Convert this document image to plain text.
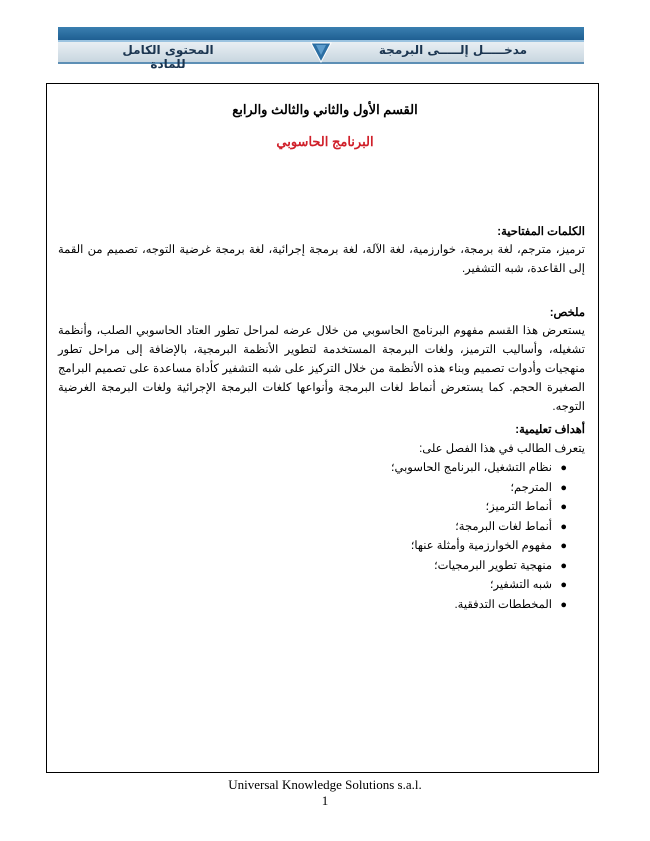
المحتوى الكامل للمادة
مدخـــــل إلـــــى البرمجة
القسم الأول والثاني والثالث والرابع
البرنامج الحاسوبي
الكلمات المفتاحية:
ترميز، مترجم، لغة برمجة، خوارزمية، لغة الآلة، لغة برمجة إجرائية، لغة برمجة غرضية التوجه، تصميم من القمة إلى القاعدة، شبه التشفير.
ملخص:
يستعرض هذا القسم مفهوم البرنامج الحاسوبي من خلال عرضه لمراحل تطور العتاد الحاسوبي الصلب، وأنظمة تشغيله، وأساليب الترميز، ولغات البرمجة المستخدمة لتطوير الأنظمة البرمجية، بالإضافة إلى مراحل تطور منهجيات وأدوات تصميم وبناء هذه الأنظمة من خلال التركيز على شبه التشفير كأداة مساعدة على تصميم البرامج الصغيرة الحجم. كما يستعرض أنماط لغات البرمجة وأنواعها كلغات البرمجة الإجرائية ولغات البرمجة الغرضية التوجه.
أهداف تعليمية:
يتعرف الطالب في هذا الفصل على:
●
نظام التشغيل، البرنامج الحاسوبي؛
●
المترجم؛
●
أنماط الترميز؛
●
أنماط لغات البرمجة؛
●
مفهوم الخوارزمية وأمثلة عنها؛
●
منهجية تطوير البرمجيات؛
●
شبه التشفير؛
●
المخططات التدفقية.
Universal Knowledge Solutions s.a.l.
1
